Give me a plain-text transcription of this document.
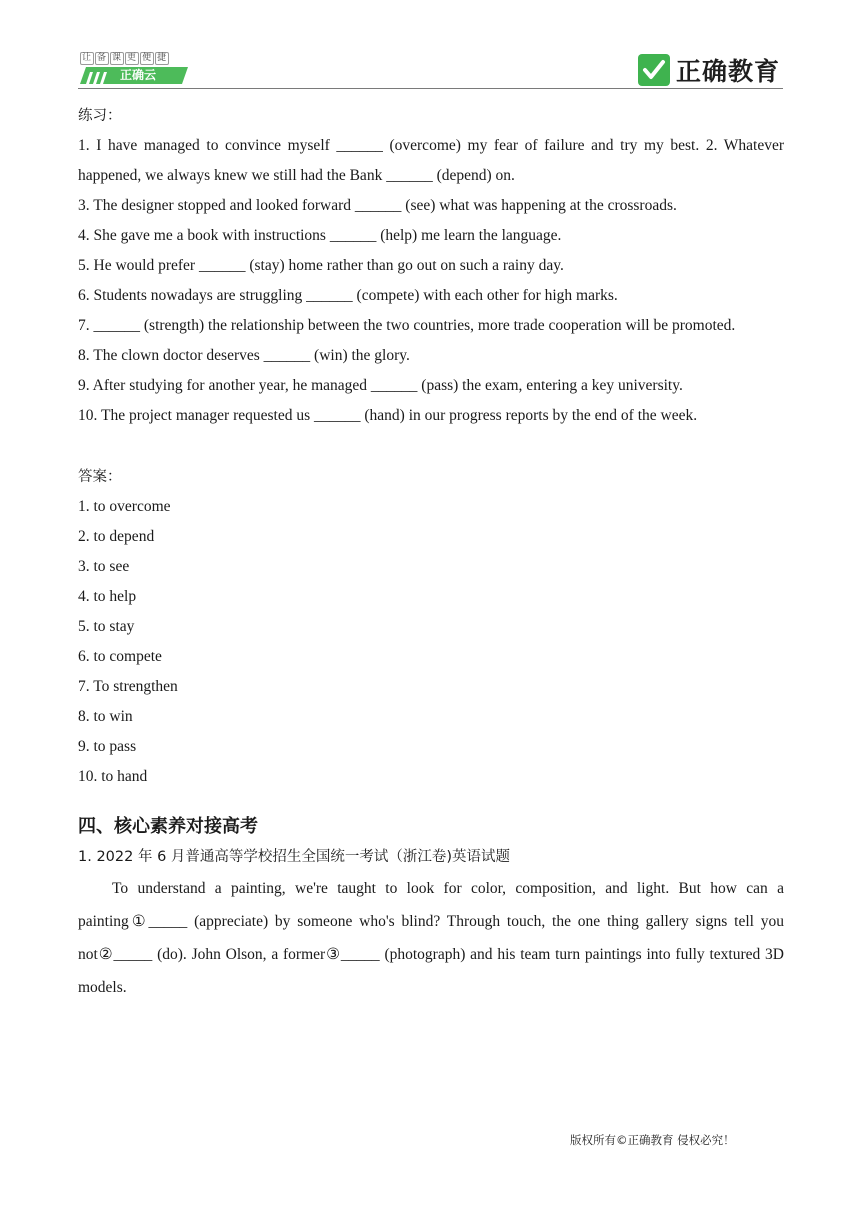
让 备 课 更 便 捷
正确云	正确教育
练习：
1. I have managed to convince myself ______ (overcome) my fear of failure and try my best. 2. Whatever happened, we always knew we still had the Bank ______ (depend) on.
3. The designer stopped and looked forward ______ (see) what was happening at the crossroads.
4. She gave me a book with instructions ______ (help) me learn the language.
5. He would prefer ______ (stay) home rather than go out on such a rainy day.
6. Students nowadays are struggling ______ (compete) with each other for high marks.
7. ______ (strength) the relationship between the two countries, more trade cooperation will be promoted.
8. The clown doctor deserves ______ (win) the glory.
9. After studying for another year, he managed ______ (pass) the exam, entering a key university.
10. The project manager requested us ______ (hand) in our progress reports by the end of the week.
答案：
1. to overcome
2. to depend
3. to see
4. to help
5. to stay
6. to compete
7. To strengthen
8. to win
9. to pass
10. to hand
四、核心素养对接高考
1. 2022 年 6 月普通高等学校招生全国统一考试（浙江卷)英语试题
To understand a painting, we're taught to look for color, composition, and light. But how can a painting①_____ (appreciate) by someone who's blind? Through touch, the one thing gallery signs tell you not②_____ (do). John Olson, a former③_____ (photograph) and his team turn paintings into fully textured 3D models.
版权所有©正确教育 侵权必究！
